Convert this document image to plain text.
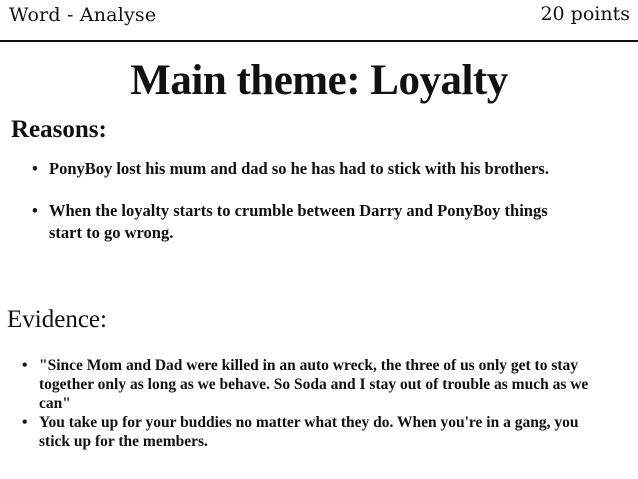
Word - Analyse	20 points
Main theme: Loyalty
Reasons:
• PonyBoy lost his mum and dad so he has had to stick with his brothers.
• When the loyalty starts to crumble between Darry and PonyBoy things start to go wrong.
Evidence:
• "Since Mom and Dad were killed in an auto wreck, the three of us only get to stay together only as long as we behave. So Soda and I stay out of trouble as much as we can"
• You take up for your buddies no matter what they do. When you're in a gang, you stick up for the members.
